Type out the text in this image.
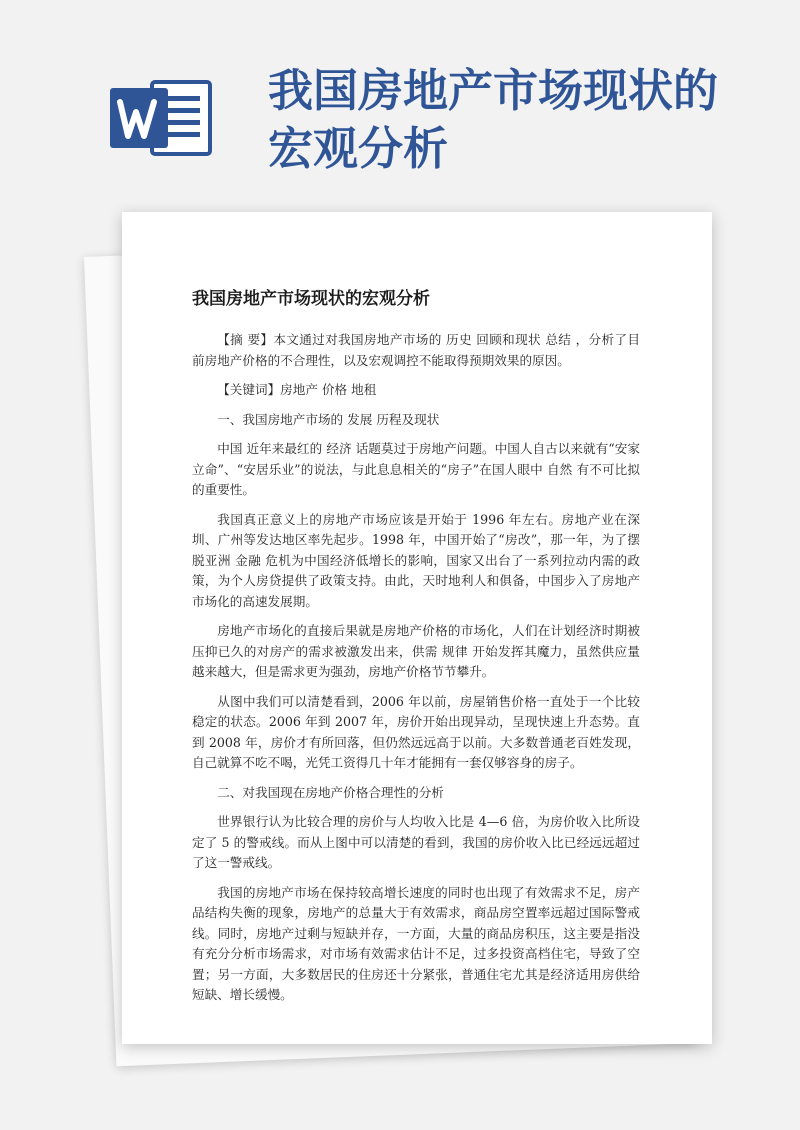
我国房地产市场现状的宏观分析
我国房地产市场现状的宏观分析

【摘 要】本文通过对我国房地产市场的 历史 回顾和现状 总结 ，分析了目前房地产价格的不合理性，以及宏观调控不能取得预期效果的原因。

【关键词】房地产 价格 地租

一、我国房地产市场的 发展 历程及现状

中国 近年来最红的 经济 话题莫过于房地产问题。中国人自古以来就有“安家立命”、“安居乐业”的说法，与此息息相关的“房子”在国人眼中 自然 有不可比拟的重要性。

我国真正意义上的房地产市场应该是开始于 1996 年左右。房地产业在深圳、广州等发达地区率先起步。1998 年，中国开始了“房改”，那一年，为了摆脱亚洲 金融 危机为中国经济低增长的影响，国家又出台了一系列拉动内需的政策，为个人房贷提供了政策支持。由此，天时地利人和俱备，中国步入了房地产市场化的高速发展期。

房地产市场化的直接后果就是房地产价格的市场化，人们在计划经济时期被压抑已久的对房产的需求被激发出来，供需 规律 开始发挥其魔力，虽然供应量越来越大，但是需求更为强劲，房地产价格节节攀升。

从图中我们可以清楚看到，2006 年以前，房屋销售价格一直处于一个比较稳定的状态。2006 年到 2007 年，房价开始出现异动，呈现快速上升态势。直到 2008 年，房价才有所回落，但仍然远远高于以前。大多数普通老百姓发现，自己就算不吃不喝，光凭工资得几十年才能拥有一套仅够容身的房子。

二、对我国现在房地产价格合理性的分析

世界银行认为比较合理的房价与人均收入比是 4—6 倍，为房价收入比所设定了 5 的警戒线。而从上图中可以清楚的看到，我国的房价收入比已经远远超过了这一警戒线。

我国的房地产市场在保持较高增长速度的同时也出现了有效需求不足，房产品结构失衡的现象，房地产的总量大于有效需求，商品房空置率远超过国际警戒线。同时，房地产过剩与短缺并存，一方面，大量的商品房积压，这主要是指没有充分分析市场需求，对市场有效需求估计不足，过多投资高档住宅，导致了空置；另一方面，大多数居民的住房还十分紧张，普通住宅尤其是经济适用房供给短缺、增长缓慢。
